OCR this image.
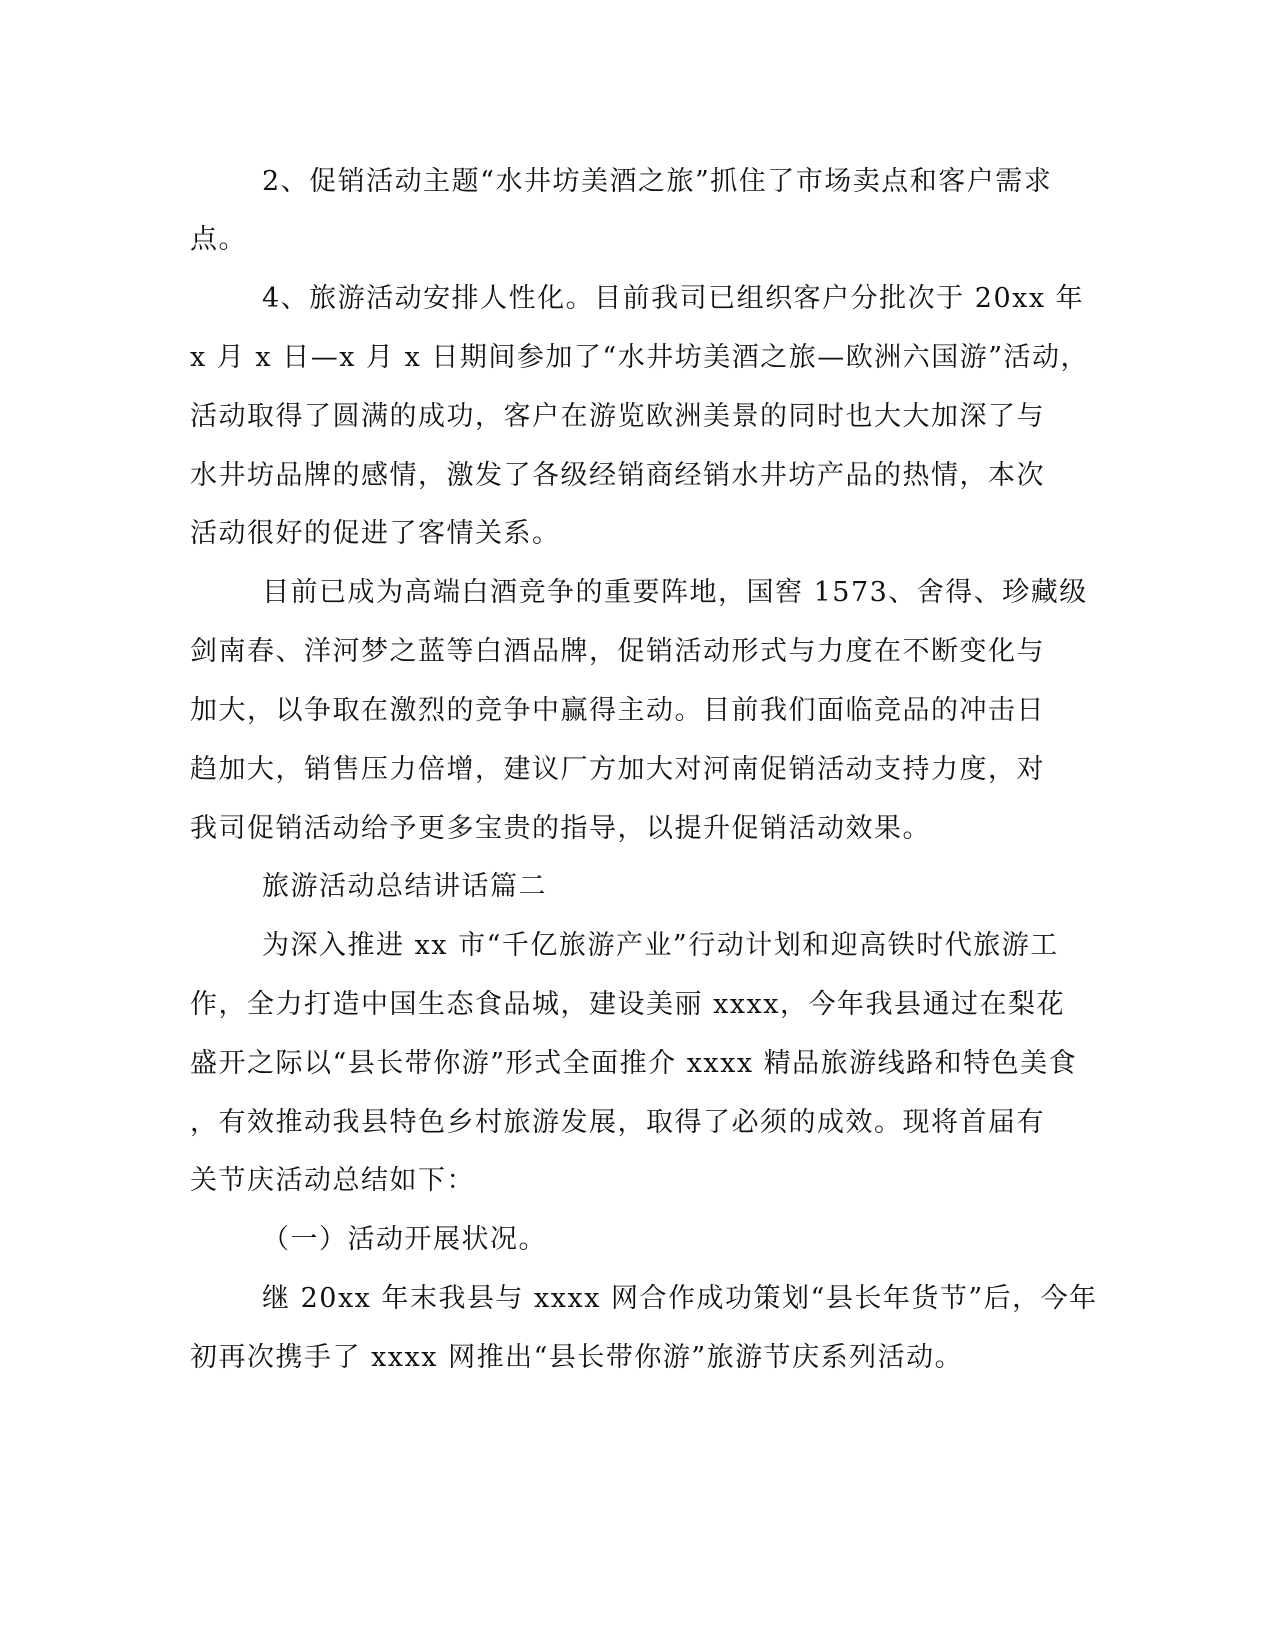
2、促销活动主题“水井坊美酒之旅”抓住了市场卖点和客户需求
点。
4、旅游活动安排人性化。目前我司已组织客户分批次于 20xx 年
x 月 x 日—x 月 x 日期间参加了“水井坊美酒之旅—欧洲六国游”活动，
活动取得了圆满的成功，客户在游览欧洲美景的同时也大大加深了与
水井坊品牌的感情，激发了各级经销商经销水井坊产品的热情，本次
活动很好的促进了客情关系。
目前已成为高端白酒竞争的重要阵地，国窖 1573、舍得、珍藏级
剑南春、洋河梦之蓝等白酒品牌，促销活动形式与力度在不断变化与
加大，以争取在激烈的竞争中赢得主动。目前我们面临竞品的冲击日
趋加大，销售压力倍增，建议厂方加大对河南促销活动支持力度，对
我司促销活动给予更多宝贵的指导，以提升促销活动效果。
旅游活动总结讲话篇二
为深入推进 xx 市“千亿旅游产业”行动计划和迎高铁时代旅游工
作，全力打造中国生态食品城，建设美丽 xxxx，今年我县通过在梨花
盛开之际以“县长带你游”形式全面推介 xxxx 精品旅游线路和特色美食
，有效推动我县特色乡村旅游发展，取得了必须的成效。现将首届有
关节庆活动总结如下：
（一）活动开展状况。
继 20xx 年末我县与 xxxx 网合作成功策划“县长年货节”后，今年
初再次携手了 xxxx 网推出“县长带你游”旅游节庆系列活动。
